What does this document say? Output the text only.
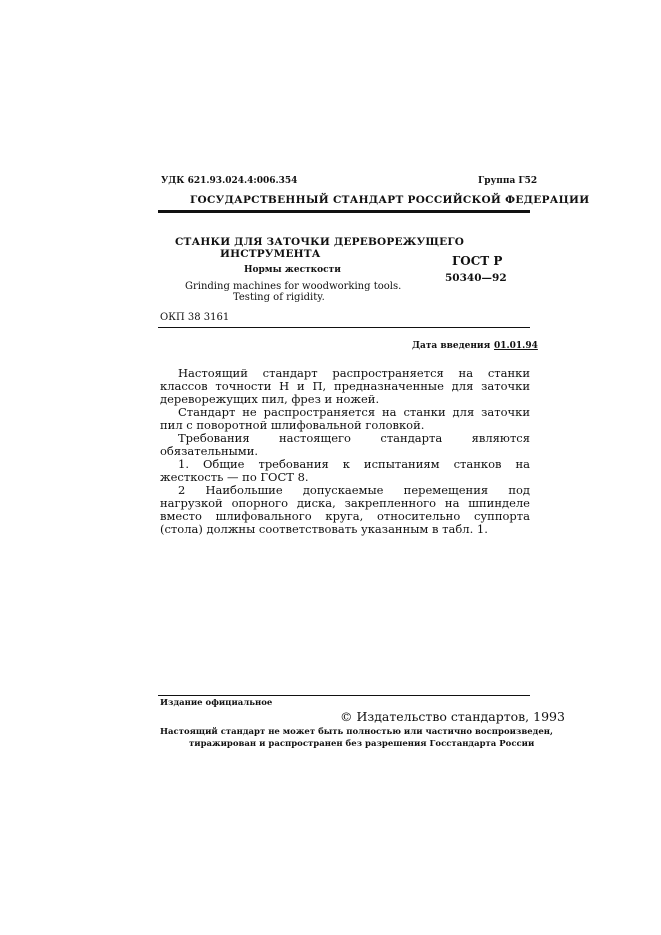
УДК 621.93.024.4:006.354	Группа Г52
ГОСУДАРСТВЕННЫЙ СТАНДАРТ РОССИЙСКОЙ ФЕДЕРАЦИИ
СТАНКИ ДЛЯ ЗАТОЧКИ ДЕРЕВОРЕЖУЩЕГО
ИНСТРУМЕНТА
Нормы жесткости
Grinding machines for woodworking tools.
Testing of rigidity.
ГОСТ Р
50340—92
ОКП 38 3161
Дата введения 01.01.94

Настоящий стандарт распространяется на станки классов точности Н и П, предназначенные для заточки дереворежущих пил, фрез и ножей.

Стандарт не распространяется на станки для заточки пил с поворотной шлифовальной головкой.

Требования настоящего стандарта являются обязательными.

1. Общие требования к испытаниям станков на жесткость — по ГОСТ 8.

2 Наибольшие допускаемые перемещения под нагрузкой опорного диска, закрепленного на шпинделе вместо шлифовального круга, относительно суппорта (стола) должны соответствовать указанным в табл. 1.

Издание официальное
© Издательство стандартов, 1993
Настоящий стандарт не может быть полностью или частично воспроизведен,
тиражирован и распространен без разрешения Госстандарта России
